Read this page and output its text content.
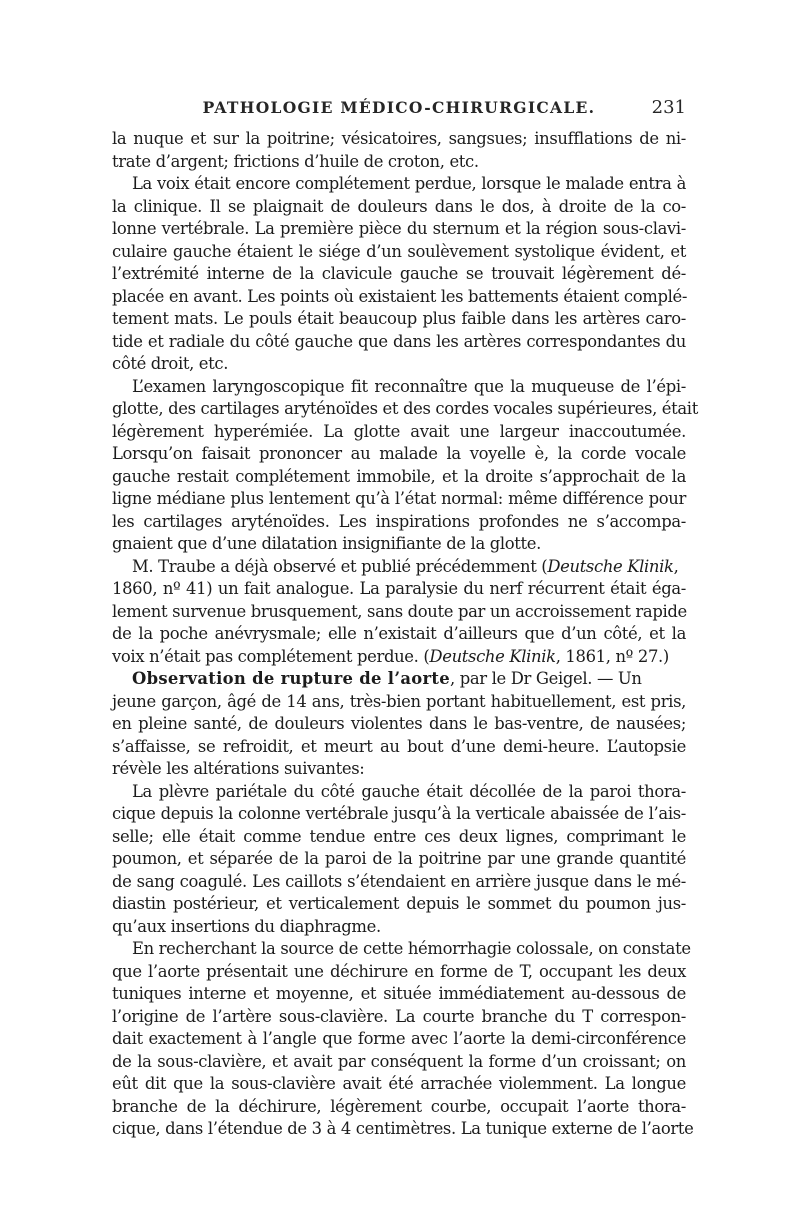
PATHOLOGIE MÉDICO-CHIRURGICALE.	231
la nuque et sur la poitrine; vésicatoires, sangsues; insufflations de ni-
trate d’argent; frictions d’huile de croton, etc.
La voix était encore complétement perdue, lorsque le malade entra à
la clinique. Il se plaignait de douleurs dans le dos, à droite de la co-
lonne vertébrale. La première pièce du sternum et la région sous-clavi-
culaire gauche étaient le siége d’un soulèvement systolique évident, et
l’extrémité interne de la clavicule gauche se trouvait légèrement dé-
placée en avant. Les points où existaient les battements étaient complé-
tement mats. Le pouls était beaucoup plus faible dans les artères caro-
tide et radiale du côté gauche que dans les artères correspondantes du
côté droit, etc.
L’examen laryngoscopique fit reconnaître que la muqueuse de l’épi-
glotte, des cartilages aryténoïdes et des cordes vocales supérieures, était
légèrement hyperémiée. La glotte avait une largeur inaccoutumée.
Lorsqu’on faisait prononcer au malade la voyelle è, la corde vocale
gauche restait complétement immobile, et la droite s’approchait de la
ligne médiane plus lentement qu’à l’état normal: même différence pour
les cartilages aryténoïdes. Les inspirations profondes ne s’accompa-
gnaient que d’une dilatation insignifiante de la glotte.
M. Traube a déjà observé et publié précédemment (Deutsche Klinik,
1860, nº 41) un fait analogue. La paralysie du nerf récurrent était éga-
lement survenue brusquement, sans doute par un accroissement rapide
de la poche anévrysmale; elle n’existait d’ailleurs que d’un côté, et la
voix n’était pas complétement perdue. (Deutsche Klinik, 1861, nº 27.)
Observation de rupture de l’aorte, par le Dr Geigel. — Un
jeune garçon, âgé de 14 ans, très-bien portant habituellement, est pris,
en pleine santé, de douleurs violentes dans le bas-ventre, de nausées;
s’affaisse, se refroidit, et meurt au bout d’une demi-heure. L’autopsie
révèle les altérations suivantes:
La plèvre pariétale du côté gauche était décollée de la paroi thora-
cique depuis la colonne vertébrale jusqu’à la verticale abaissée de l’ais-
selle; elle était comme tendue entre ces deux lignes, comprimant le
poumon, et séparée de la paroi de la poitrine par une grande quantité
de sang coagulé. Les caillots s’étendaient en arrière jusque dans le mé-
diastin postérieur, et verticalement depuis le sommet du poumon jus-
qu’aux insertions du diaphragme.
En recherchant la source de cette hémorrhagie colossale, on constate
que l’aorte présentait une déchirure en forme de T, occupant les deux
tuniques interne et moyenne, et située immédiatement au-dessous de
l’origine de l’artère sous-clavière. La courte branche du T correspon-
dait exactement à l’angle que forme avec l’aorte la demi-circonférence
de la sous-clavière, et avait par conséquent la forme d’un croissant; on
eût dit que la sous-clavière avait été arrachée violemment. La longue
branche de la déchirure, légèrement courbe, occupait l’aorte thora-
cique, dans l’étendue de 3 à 4 centimètres. La tunique externe de l’aorte
